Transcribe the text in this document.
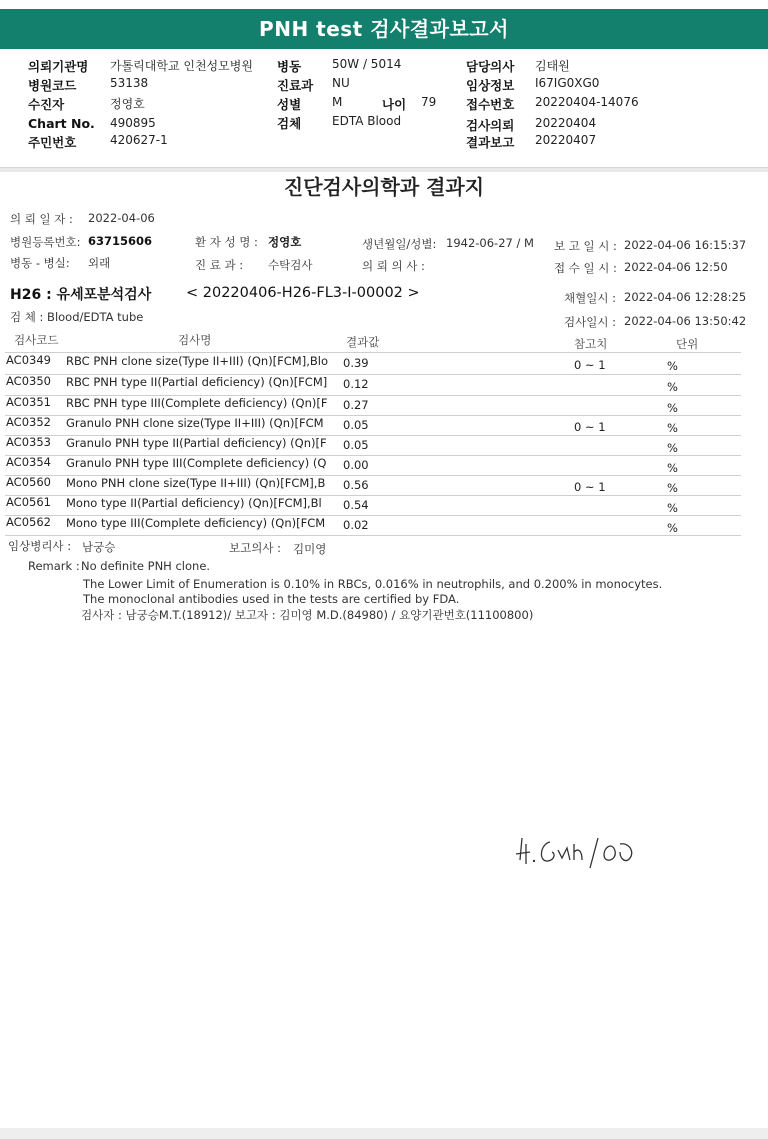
PNH test 검사결과보고서
의뢰기관명 가톨릭대학교 인천성모병원
병원코드	53138
수진자	정영호
Chart No. 490895
주민번호	420627-1
병동	50W / 5014
진료과 NU
성별	M	나이 79
검체	EDTA Blood
담당의사 김태원
임상정보 I67IG0XG0
접수번호 20220404-14076
검사의뢰 20220404
결과보고 20220407
진단검사의학과 결과지
의 뢰 일 자 : 2022-04-06
병원등록번호: 63715606	환 자 성 명 : 정영호	생년월일/성별: 1942-06-27 / M 보 고 일 시 : 2022-04-06 16:15:37
병동 - 병실: 외래	진 료 과 : 수탁검사	의 뢰 의 사 :	접 수 일 시 : 2022-04-06 12:50
H26 : 유세포분석검사 < 20220406-H26-FL3-I-00002 >	채혈일시 : 2022-04-06 12:28:25
검 체 : Blood/EDTA tube	검사일시 : 2022-04-06 13:50:42
검사코드	검사명	결과값	참고치	단위
AC0349 RBC PNH clone size(Type II+III) (Qn)[FCM],Blo 0.39	0 ~ 1	%
AC0350 RBC PNH type II(Partial deficiency) (Qn)[FCM] 0.12	%
AC0351 RBC PNH type III(Complete deficiency) (Qn)[F 0.27	%
AC0352 Granulo PNH clone size(Type II+III) (Qn)[FCM 0.05	0 ~ 1	%
AC0353 Granulo PNH type II(Partial deficiency) (Qn)[F 0.05	%
AC0354 Granulo PNH type III(Complete deficiency) (Q 0.00	%
AC0560 Mono PNH clone size(Type II+III) (Qn)[FCM],B 0.56	0 ~ 1	%
AC0561 Mono type II(Partial deficiency) (Qn)[FCM],Bl 0.54	%
AC0562 Mono type III(Complete deficiency) (Qn)[FCM 0.02	%
임상병리사 : 남궁승	보고의사 : 김미영
Remark : No definite PNH clone.
The Lower Limit of Enumeration is 0.10% in RBCs, 0.016% in neutrophils, and 0.200% in monocytes.
The monoclonal antibodies used in the tests are certified by FDA.
검사자 : 남궁승M.T.(18912)/ 보고자 : 김미영 M.D.(84980) / 요양기관번호(11100800)
